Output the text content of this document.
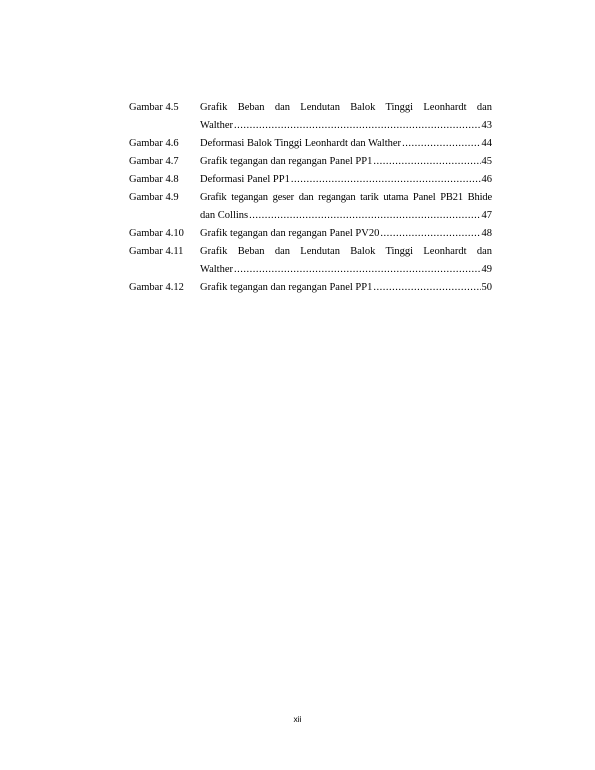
Gambar 4.5	Grafik Beban dan Lendutan Balok Tinggi Leonhardt dan
Walther .....	43
Gambar 4.6	Deformasi Balok Tinggi Leonhardt dan Walther .....	44
Gambar 4.7	Grafik tegangan dan regangan Panel PP1 .....	45
Gambar 4.8	Deformasi Panel PP1 .....	46
Gambar 4.9	Grafik tegangan geser dan regangan tarik utama Panel PB21 Bhide
dan Collins .....	47
Gambar 4.10	Grafik tegangan dan regangan Panel PV20 .....	48
Gambar 4.11	Grafik Beban dan Lendutan Balok Tinggi Leonhardt dan
Walther .....	49
Gambar 4.12	Grafik tegangan dan regangan Panel PP1 .....	50
xii
